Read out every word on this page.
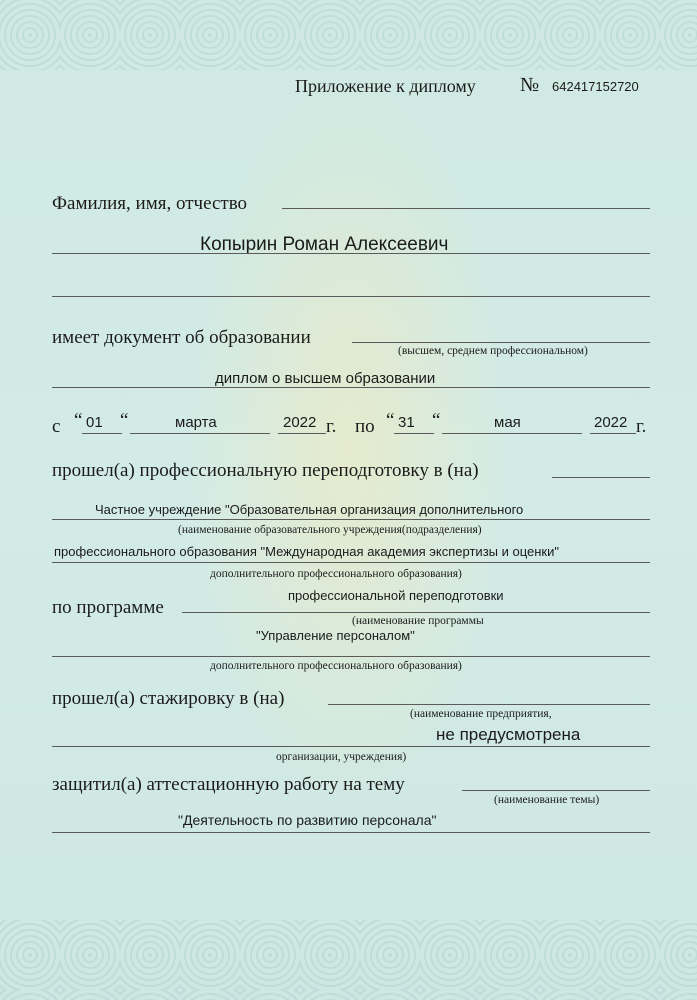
Приложение к диплому № 642417152720
Фамилия, имя, отчество
Копырин Роман Алексеевич
имеет документ об образовании
(высшем, среднем профессиональном)
диплом о высшем образовании
с “ 01 “	марта	2022 г. по “ 31 “	мая	2022 г.
прошел(а) профессиональную переподготовку в (на)
Частное учреждение "Образовательная организация дополнительного
(наименование образовательного учреждения(подразделения)
профессионального образования "Международная академия экспертизы и оценки"
дополнительного профессионального образования)
по программе
профессиональной переподготовки
(наименование программы
"Управление персоналом"
дополнительного профессионального образования)
прошел(а) стажировку в (на)
(наименование предприятия,
не предусмотрена
организации, учреждения)
защитил(а) аттестационную работу на тему
(наименование темы)
"Деятельность по развитию персонала"
